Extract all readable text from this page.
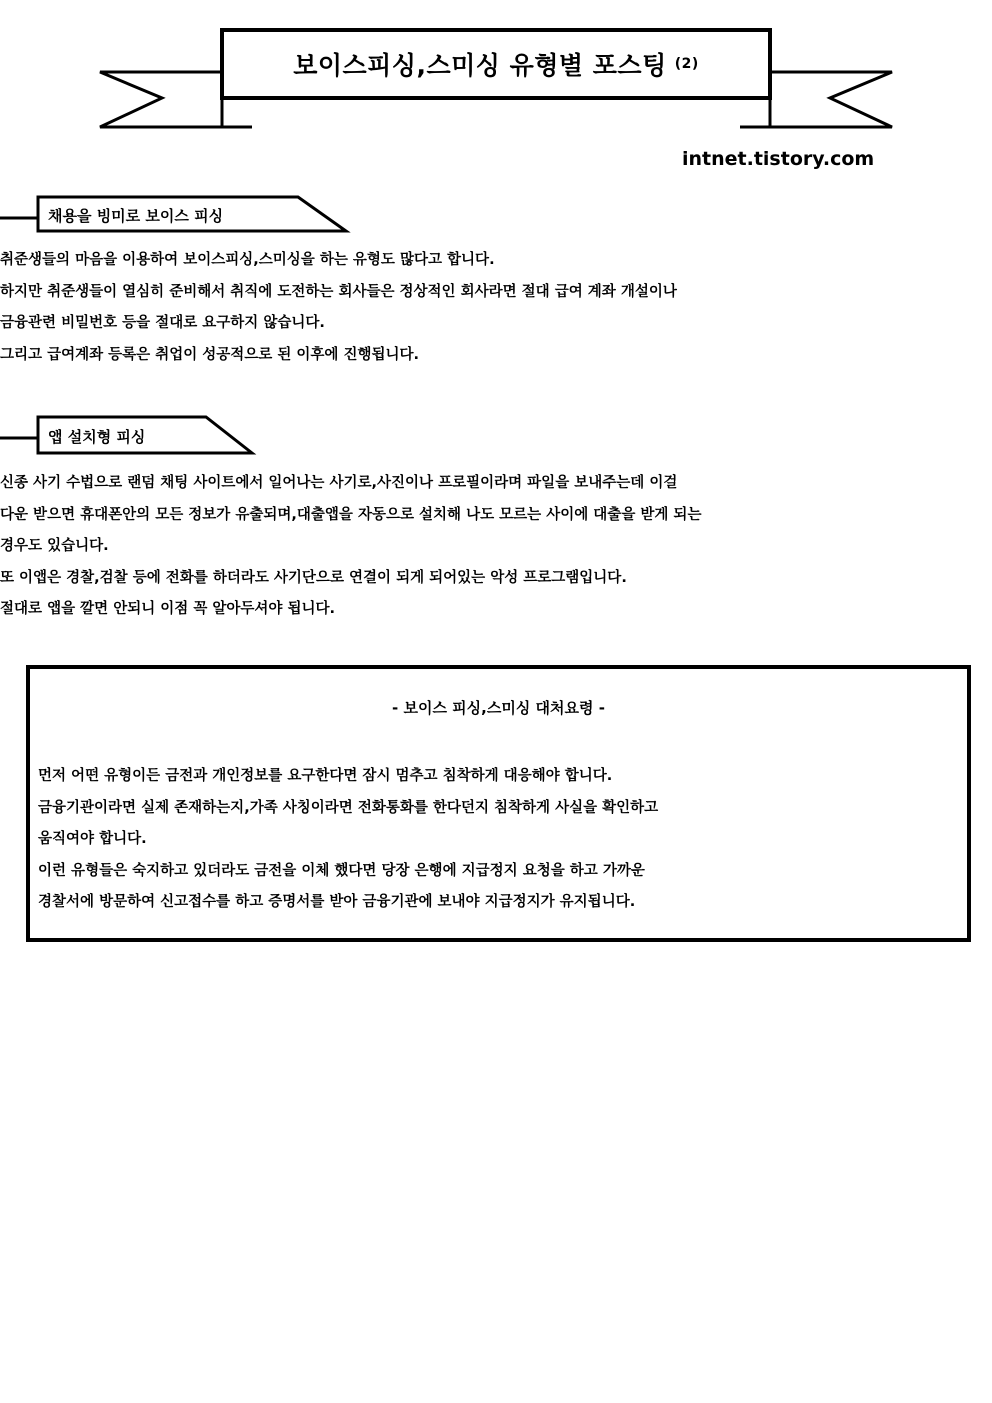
보이스피싱,스미싱 유형별 포스팅 (2)
intnet.tistory.com
채용을 빙미로 보이스 피싱
취준생들의 마음을 이용하여 보이스피싱,스미싱을 하는 유형도 많다고 합니다.
하지만 취준생들이 열심히 준비해서 취직에 도전하는 회사들은 정상적인 회사라면 절대 급여 계좌 개설이나
금융관련 비밀번호 등을 절대로 요구하지 않습니다.
그리고 급여계좌 등록은 취업이 성공적으로 된 이후에 진행됩니다.
앱 설치형 피싱
신종 사기 수법으로 랜덤 채팅 사이트에서 일어나는 사기로,사진이나 프로필이라며 파일을 보내주는데 이걸
다운 받으면 휴대폰안의 모든 정보가 유출되며,대출앱을 자동으로 설치해 나도 모르는 사이에 대출을 받게 되는
경우도 있습니다.
또 이앱은 경찰,검찰 등에 전화를 하더라도 사기단으로 연결이 되게 되어있는 악성 프로그램입니다.
절대로 앱을 깔면 안되니 이점 꼭 알아두셔야 됩니다.
- 보이스 피싱,스미싱 대처요령 -
먼저 어떤 유형이든 금전과 개인정보를 요구한다면 잠시 멈추고 침착하게 대응해야 합니다.
금융기관이라면 실제 존재하는지,가족 사칭이라면 전화통화를 한다던지 침착하게 사실을 확인하고
움직여야 합니다.
이런 유형들은 숙지하고 있더라도 금전을 이체 했다면 당장 은행에 지급정지 요청을 하고 가까운
경찰서에 방문하여 신고접수를 하고 증명서를 받아 금융기관에 보내야 지급정지가 유지됩니다.
